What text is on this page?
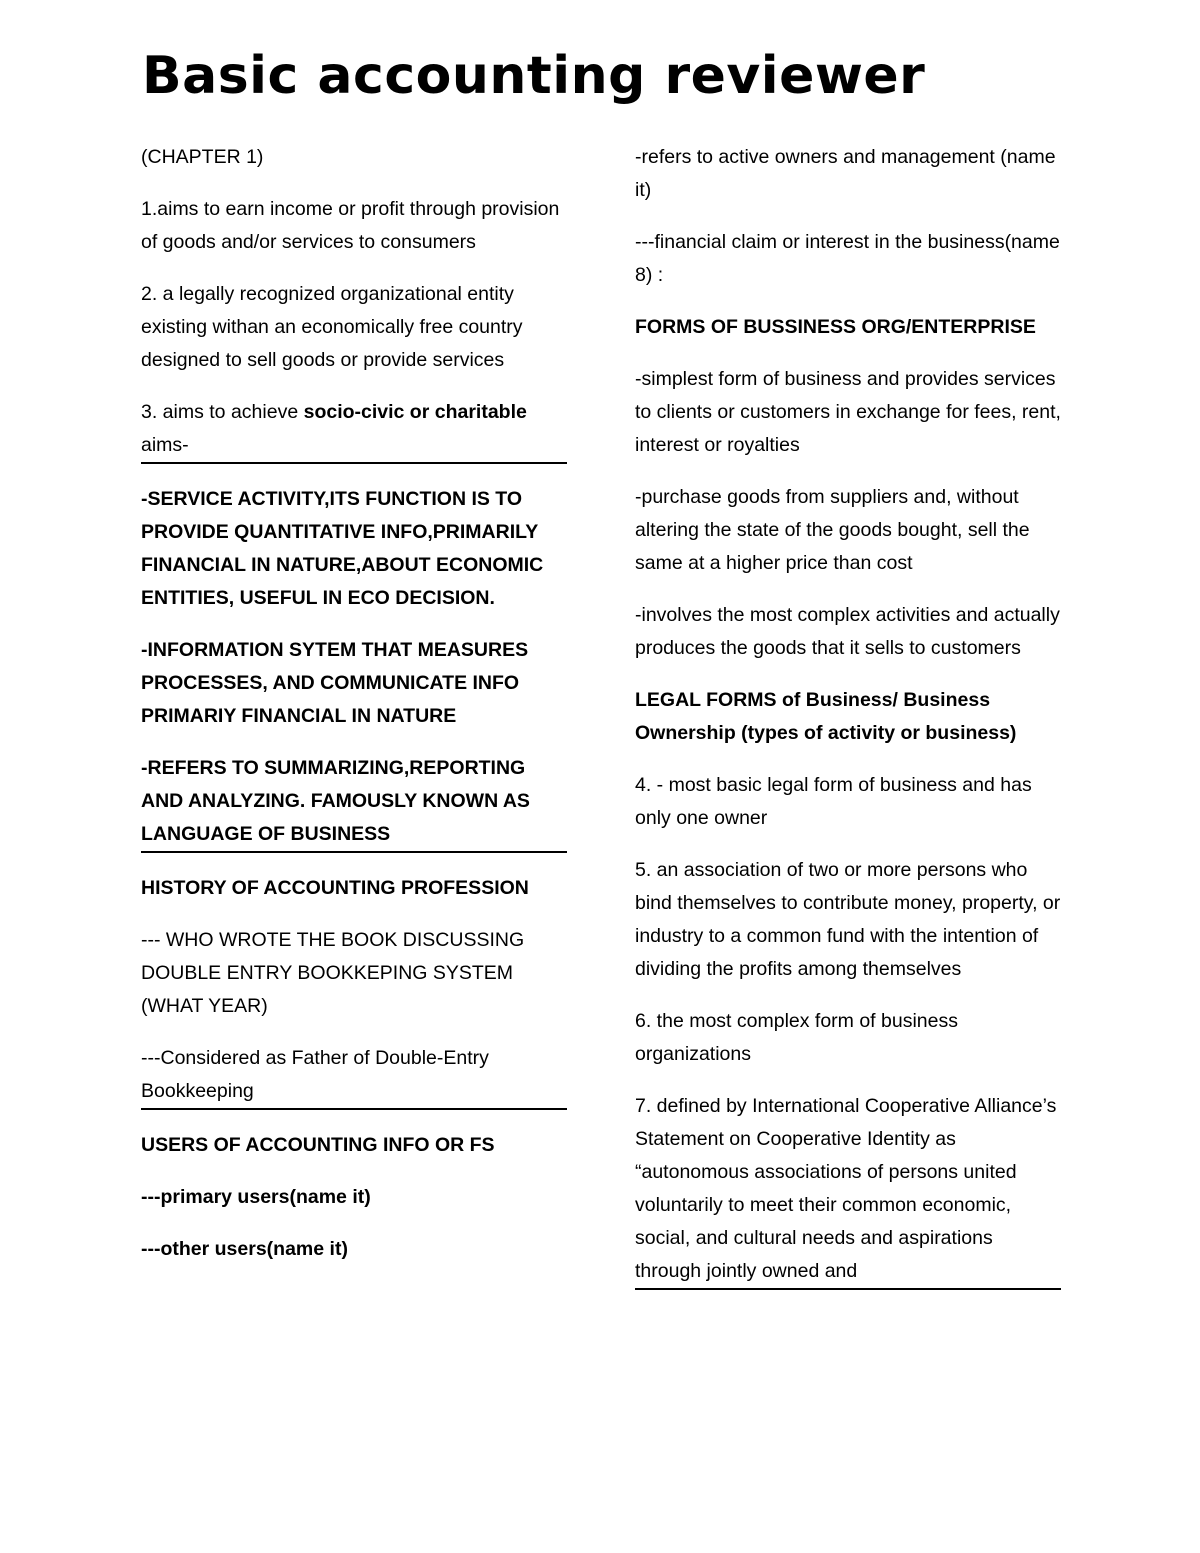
Basic accounting reviewer

(CHAPTER 1)

1.aims to earn income or profit through provision of goods and/or services to consumers

2. a legally recognized organizational entity existing withan an economically free country designed to sell goods or provide services

3. aims to achieve socio-civic or charitable aims-

-SERVICE ACTIVITY,ITS FUNCTION IS TO PROVIDE QUANTITATIVE INFO,PRIMARILY FINANCIAL IN NATURE,ABOUT ECONOMIC ENTITIES, USEFUL IN ECO DECISION.

-INFORMATION SYTEM THAT MEASURES PROCESSES, AND COMMUNICATE INFO PRIMARIY FINANCIAL IN NATURE

-REFERS TO SUMMARIZING,REPORTING AND ANALYZING. FAMOUSLY KNOWN AS LANGUAGE OF BUSINESS

HISTORY OF ACCOUNTING PROFESSION

--- WHO WROTE THE BOOK DISCUSSING DOUBLE ENTRY BOOKKEPING SYSTEM (WHAT YEAR)

---Considered as Father of Double-Entry Bookkeeping

USERS OF ACCOUNTING INFO OR FS

---primary users(name it)

---other users(name it)

-refers to active owners and management (name it)

---financial claim or interest in the business(name 8) :

FORMS OF BUSSINESS ORG/ENTERPRISE

-simplest form of business and provides services to clients or customers in exchange for fees, rent, interest or royalties

-purchase goods from suppliers and, without altering the state of the goods bought, sell the same at a higher price than cost

-involves the most complex activities and actually produces the goods that it sells to customers

LEGAL FORMS of Business/ Business Ownership (types of activity or business)

4. - most basic legal form of business and has only one owner

5. an association of two or more persons who bind themselves to contribute money, property, or industry to a common fund with the intention of dividing the profits among themselves

6. the most complex form of business organizations

7. defined by International Cooperative Alliance’s Statement on Cooperative Identity as “autonomous associations of persons united voluntarily to meet their common economic, social, and cultural needs and aspirations through jointly owned and
